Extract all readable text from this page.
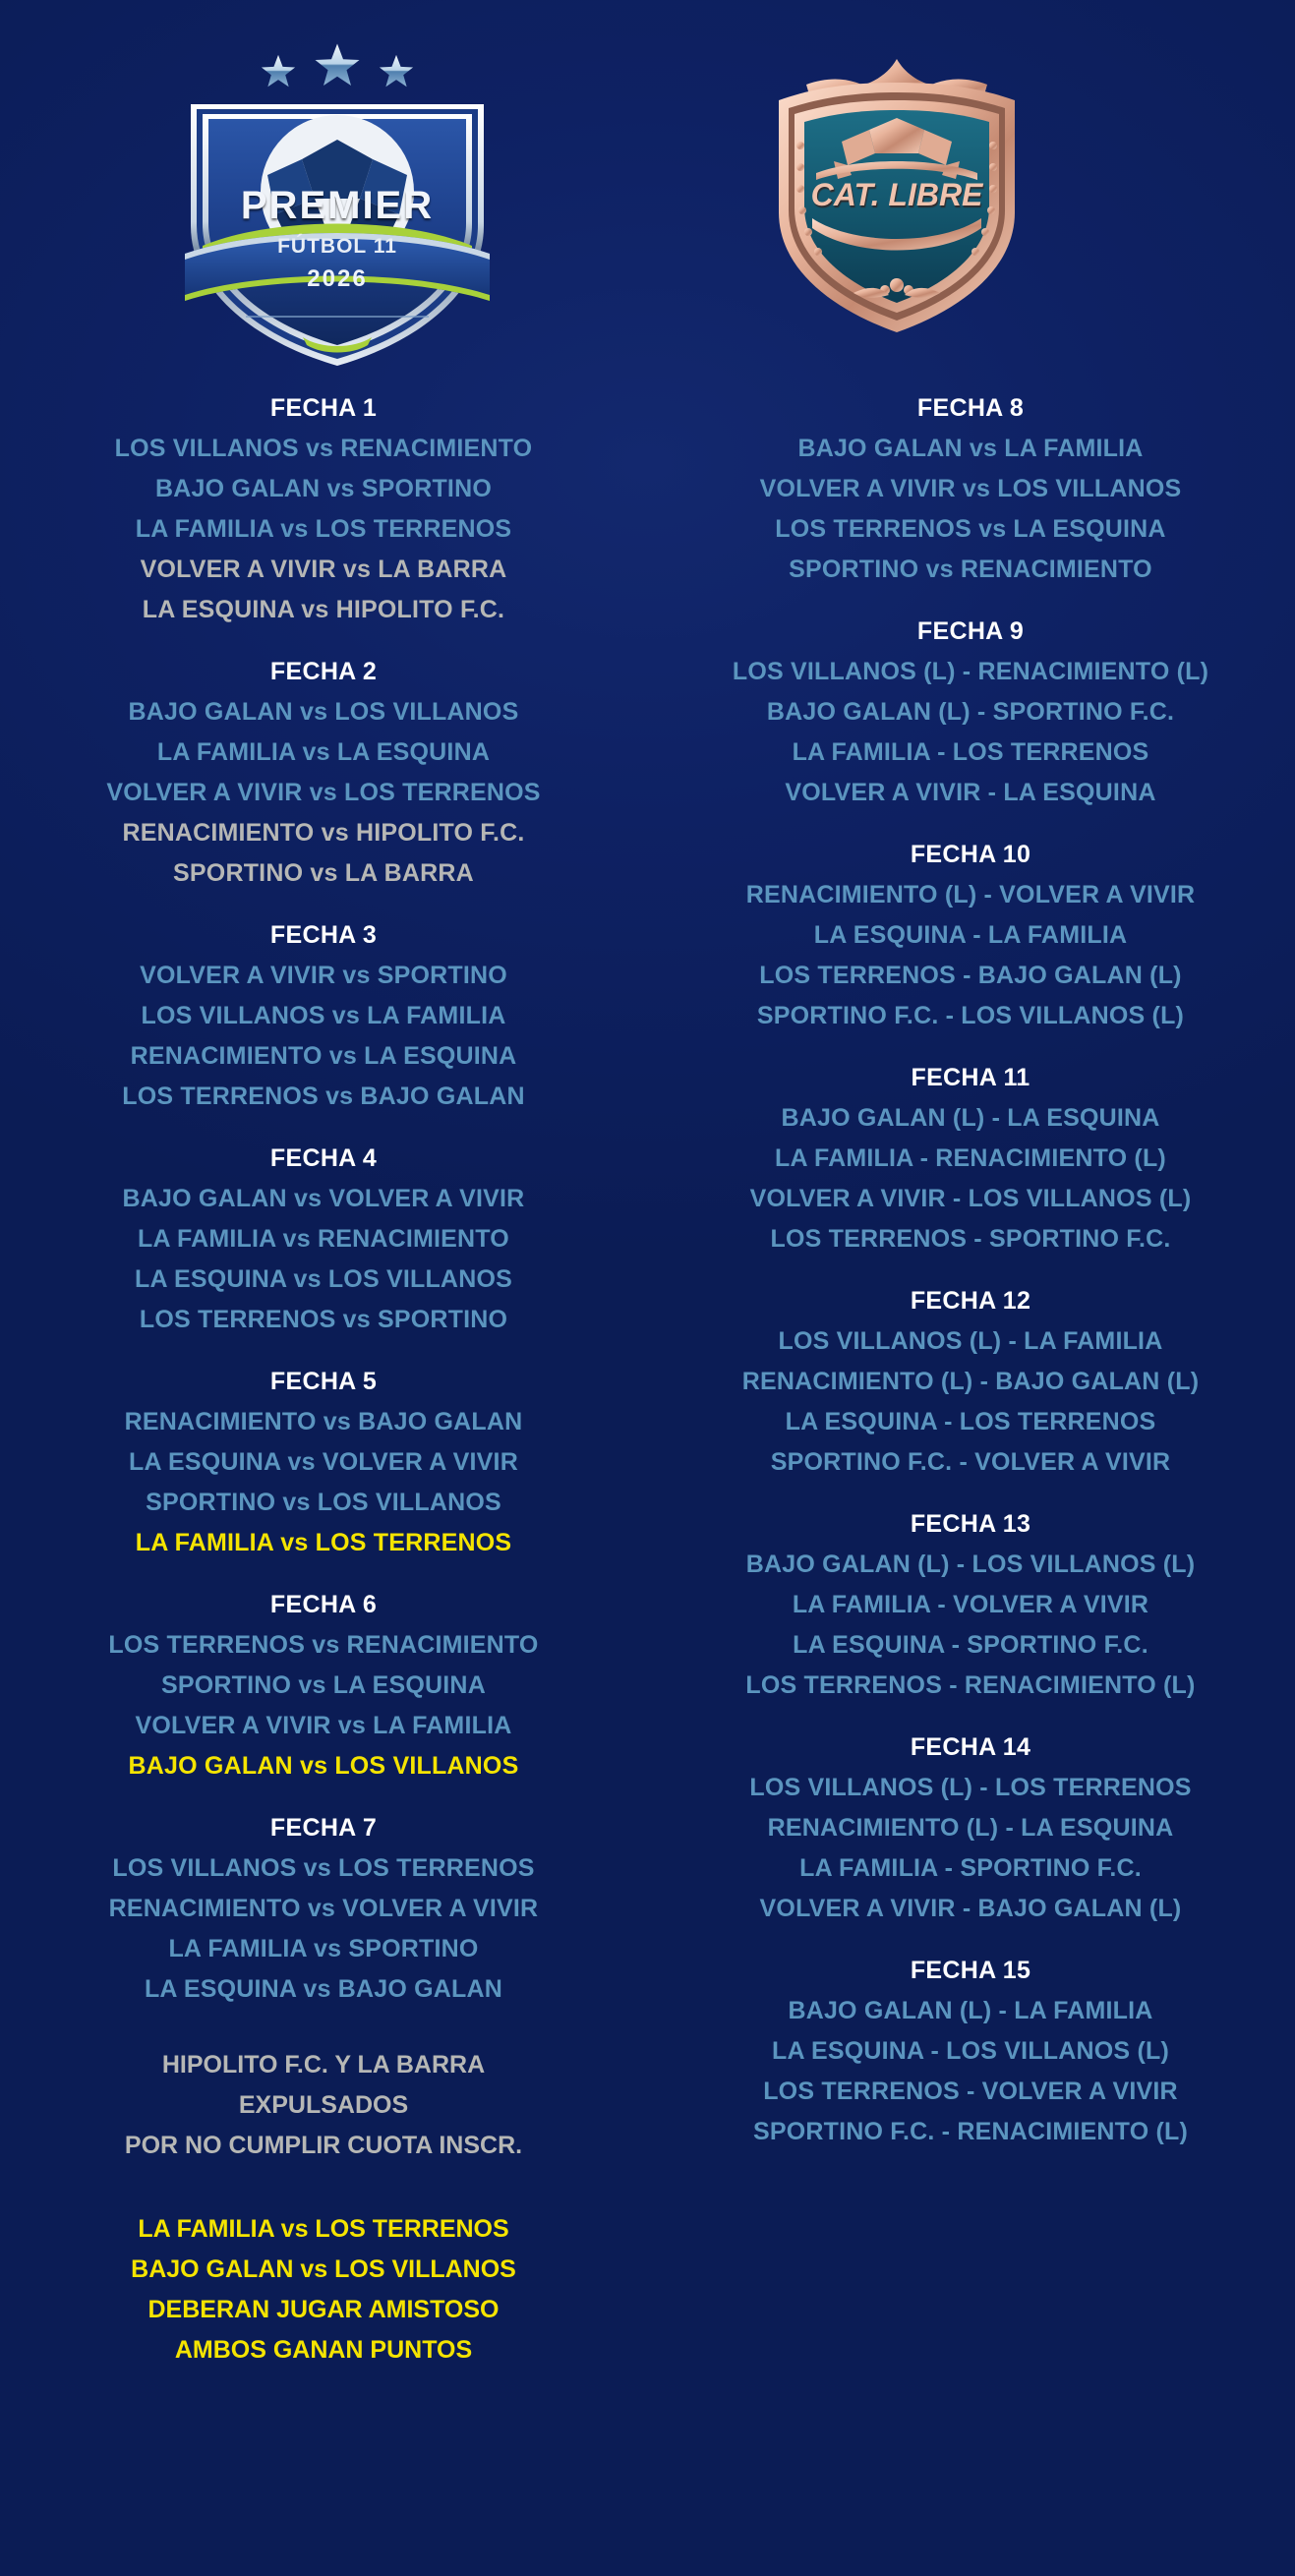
PREMIER
FÚTBOL 11
2026
CAT. LIBRE
FECHA 1
LOS VILLANOS vs RENACIMIENTO
BAJO GALAN vs SPORTINO
LA FAMILIA vs LOS TERRENOS
VOLVER A VIVIR vs LA BARRA
LA ESQUINA vs HIPOLITO F.C.
FECHA 2
BAJO GALAN vs LOS VILLANOS
LA FAMILIA vs LA ESQUINA
VOLVER A VIVIR vs LOS TERRENOS
RENACIMIENTO vs HIPOLITO F.C.
SPORTINO vs LA BARRA
FECHA 3
VOLVER A VIVIR vs SPORTINO
LOS VILLANOS vs LA FAMILIA
RENACIMIENTO vs LA ESQUINA
LOS TERRENOS vs BAJO GALAN
FECHA 4
BAJO GALAN vs VOLVER A VIVIR
LA FAMILIA vs RENACIMIENTO
LA ESQUINA vs LOS VILLANOS
LOS TERRENOS vs SPORTINO
FECHA 5
RENACIMIENTO vs BAJO GALAN
LA ESQUINA vs VOLVER A VIVIR
SPORTINO vs LOS VILLANOS
LA FAMILIA vs LOS TERRENOS
FECHA 6
LOS TERRENOS vs RENACIMIENTO
SPORTINO vs LA ESQUINA
VOLVER A VIVIR vs LA FAMILIA
BAJO GALAN vs LOS VILLANOS
FECHA 7
LOS VILLANOS vs LOS TERRENOS
RENACIMIENTO vs VOLVER A VIVIR
LA FAMILIA vs SPORTINO
LA ESQUINA vs BAJO GALAN
HIPOLITO F.C. Y LA BARRA
EXPULSADOS
POR NO CUMPLIR CUOTA INSCR.
LA FAMILIA vs LOS TERRENOS
BAJO GALAN vs LOS VILLANOS
DEBERAN JUGAR AMISTOSO
AMBOS GANAN PUNTOS
FECHA 8
BAJO GALAN vs LA FAMILIA
VOLVER A VIVIR vs LOS VILLANOS
LOS TERRENOS vs LA ESQUINA
SPORTINO vs RENACIMIENTO
FECHA 9
LOS VILLANOS (L) - RENACIMIENTO (L)
BAJO GALAN (L) - SPORTINO F.C.
LA FAMILIA - LOS TERRENOS
VOLVER A VIVIR - LA ESQUINA
FECHA 10
RENACIMIENTO (L) - VOLVER A VIVIR
LA ESQUINA - LA FAMILIA
LOS TERRENOS - BAJO GALAN (L)
SPORTINO F.C. - LOS VILLANOS (L)
FECHA 11
BAJO GALAN (L) - LA ESQUINA
LA FAMILIA - RENACIMIENTO (L)
VOLVER A VIVIR - LOS VILLANOS (L)
LOS TERRENOS - SPORTINO F.C.
FECHA 12
LOS VILLANOS (L) - LA FAMILIA
RENACIMIENTO (L) - BAJO GALAN (L)
LA ESQUINA - LOS TERRENOS
SPORTINO F.C. - VOLVER A VIVIR
FECHA 13
BAJO GALAN (L) - LOS VILLANOS (L)
LA FAMILIA - VOLVER A VIVIR
LA ESQUINA - SPORTINO F.C.
LOS TERRENOS - RENACIMIENTO (L)
FECHA 14
LOS VILLANOS (L) - LOS TERRENOS
RENACIMIENTO (L) - LA ESQUINA
LA FAMILIA - SPORTINO F.C.
VOLVER A VIVIR - BAJO GALAN (L)
FECHA 15
BAJO GALAN (L) - LA FAMILIA
LA ESQUINA - LOS VILLANOS (L)
LOS TERRENOS - VOLVER A VIVIR
SPORTINO F.C. - RENACIMIENTO (L)
